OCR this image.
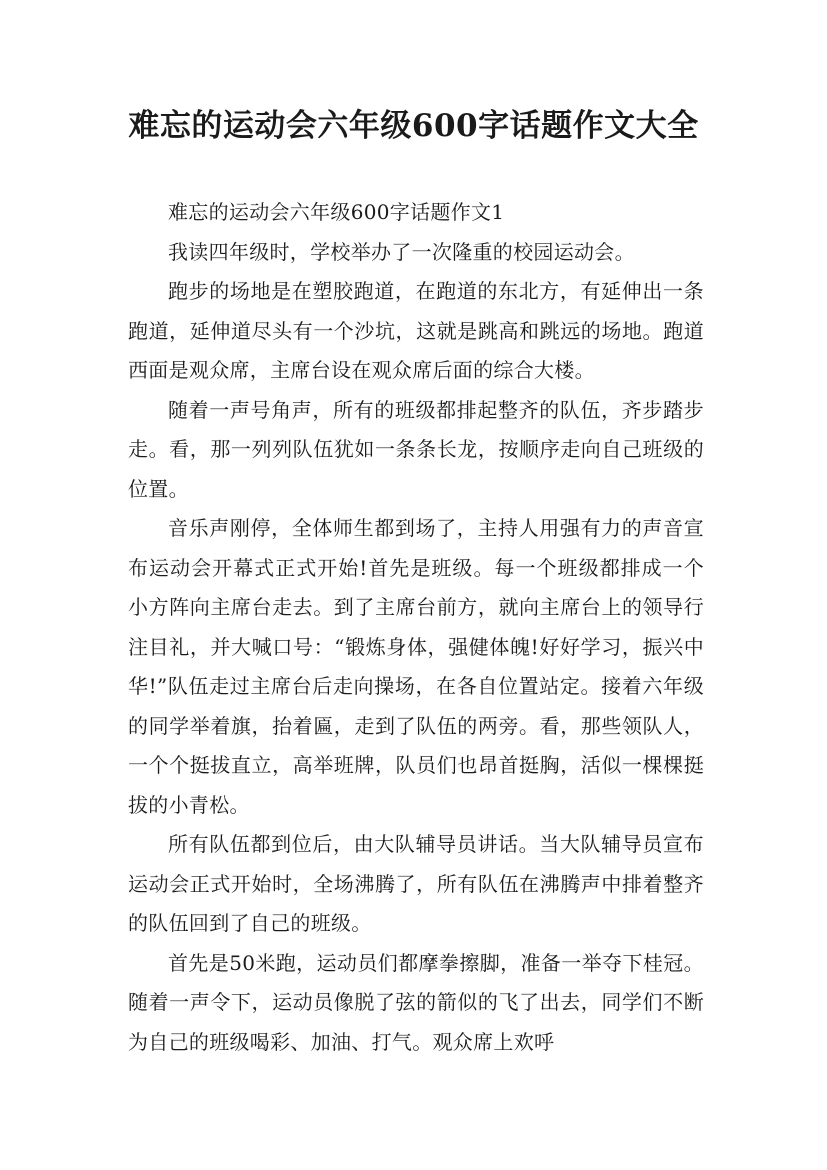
难忘的运动会六年级600字话题作文大全

难忘的运动会六年级600字话题作文1

我读四年级时，学校举办了一次隆重的校园运动会。

跑步的场地是在塑胶跑道，在跑道的东北方，有延伸出一条跑道，延伸道尽头有一个沙坑，这就是跳高和跳远的场地。跑道西面是观众席，主席台设在观众席后面的综合大楼。

随着一声号角声，所有的班级都排起整齐的队伍，齐步踏步走。看，那一列列队伍犹如一条条长龙，按顺序走向自己班级的位置。

音乐声刚停，全体师生都到场了，主持人用强有力的声音宣布运动会开幕式正式开始!首先是班级。每一个班级都排成一个小方阵向主席台走去。到了主席台前方，就向主席台上的领导行注目礼，并大喊口号：“锻炼身体，强健体魄!好好学习，振兴中华!”队伍走过主席台后走向操场，在各自位置站定。接着六年级的同学举着旗，抬着匾，走到了队伍的两旁。看，那些领队人，一个个挺拔直立，高举班牌，队员们也昂首挺胸，活似一棵棵挺拔的小青松。

所有队伍都到位后，由大队辅导员讲话。当大队辅导员宣布运动会正式开始时，全场沸腾了，所有队伍在沸腾声中排着整齐的队伍回到了自己的班级。

首先是50米跑，运动员们都摩拳擦脚，准备一举夺下桂冠。随着一声令下，运动员像脱了弦的箭似的飞了出去，同学们不断为自己的班级喝彩、加油、打气。观众席上欢呼
